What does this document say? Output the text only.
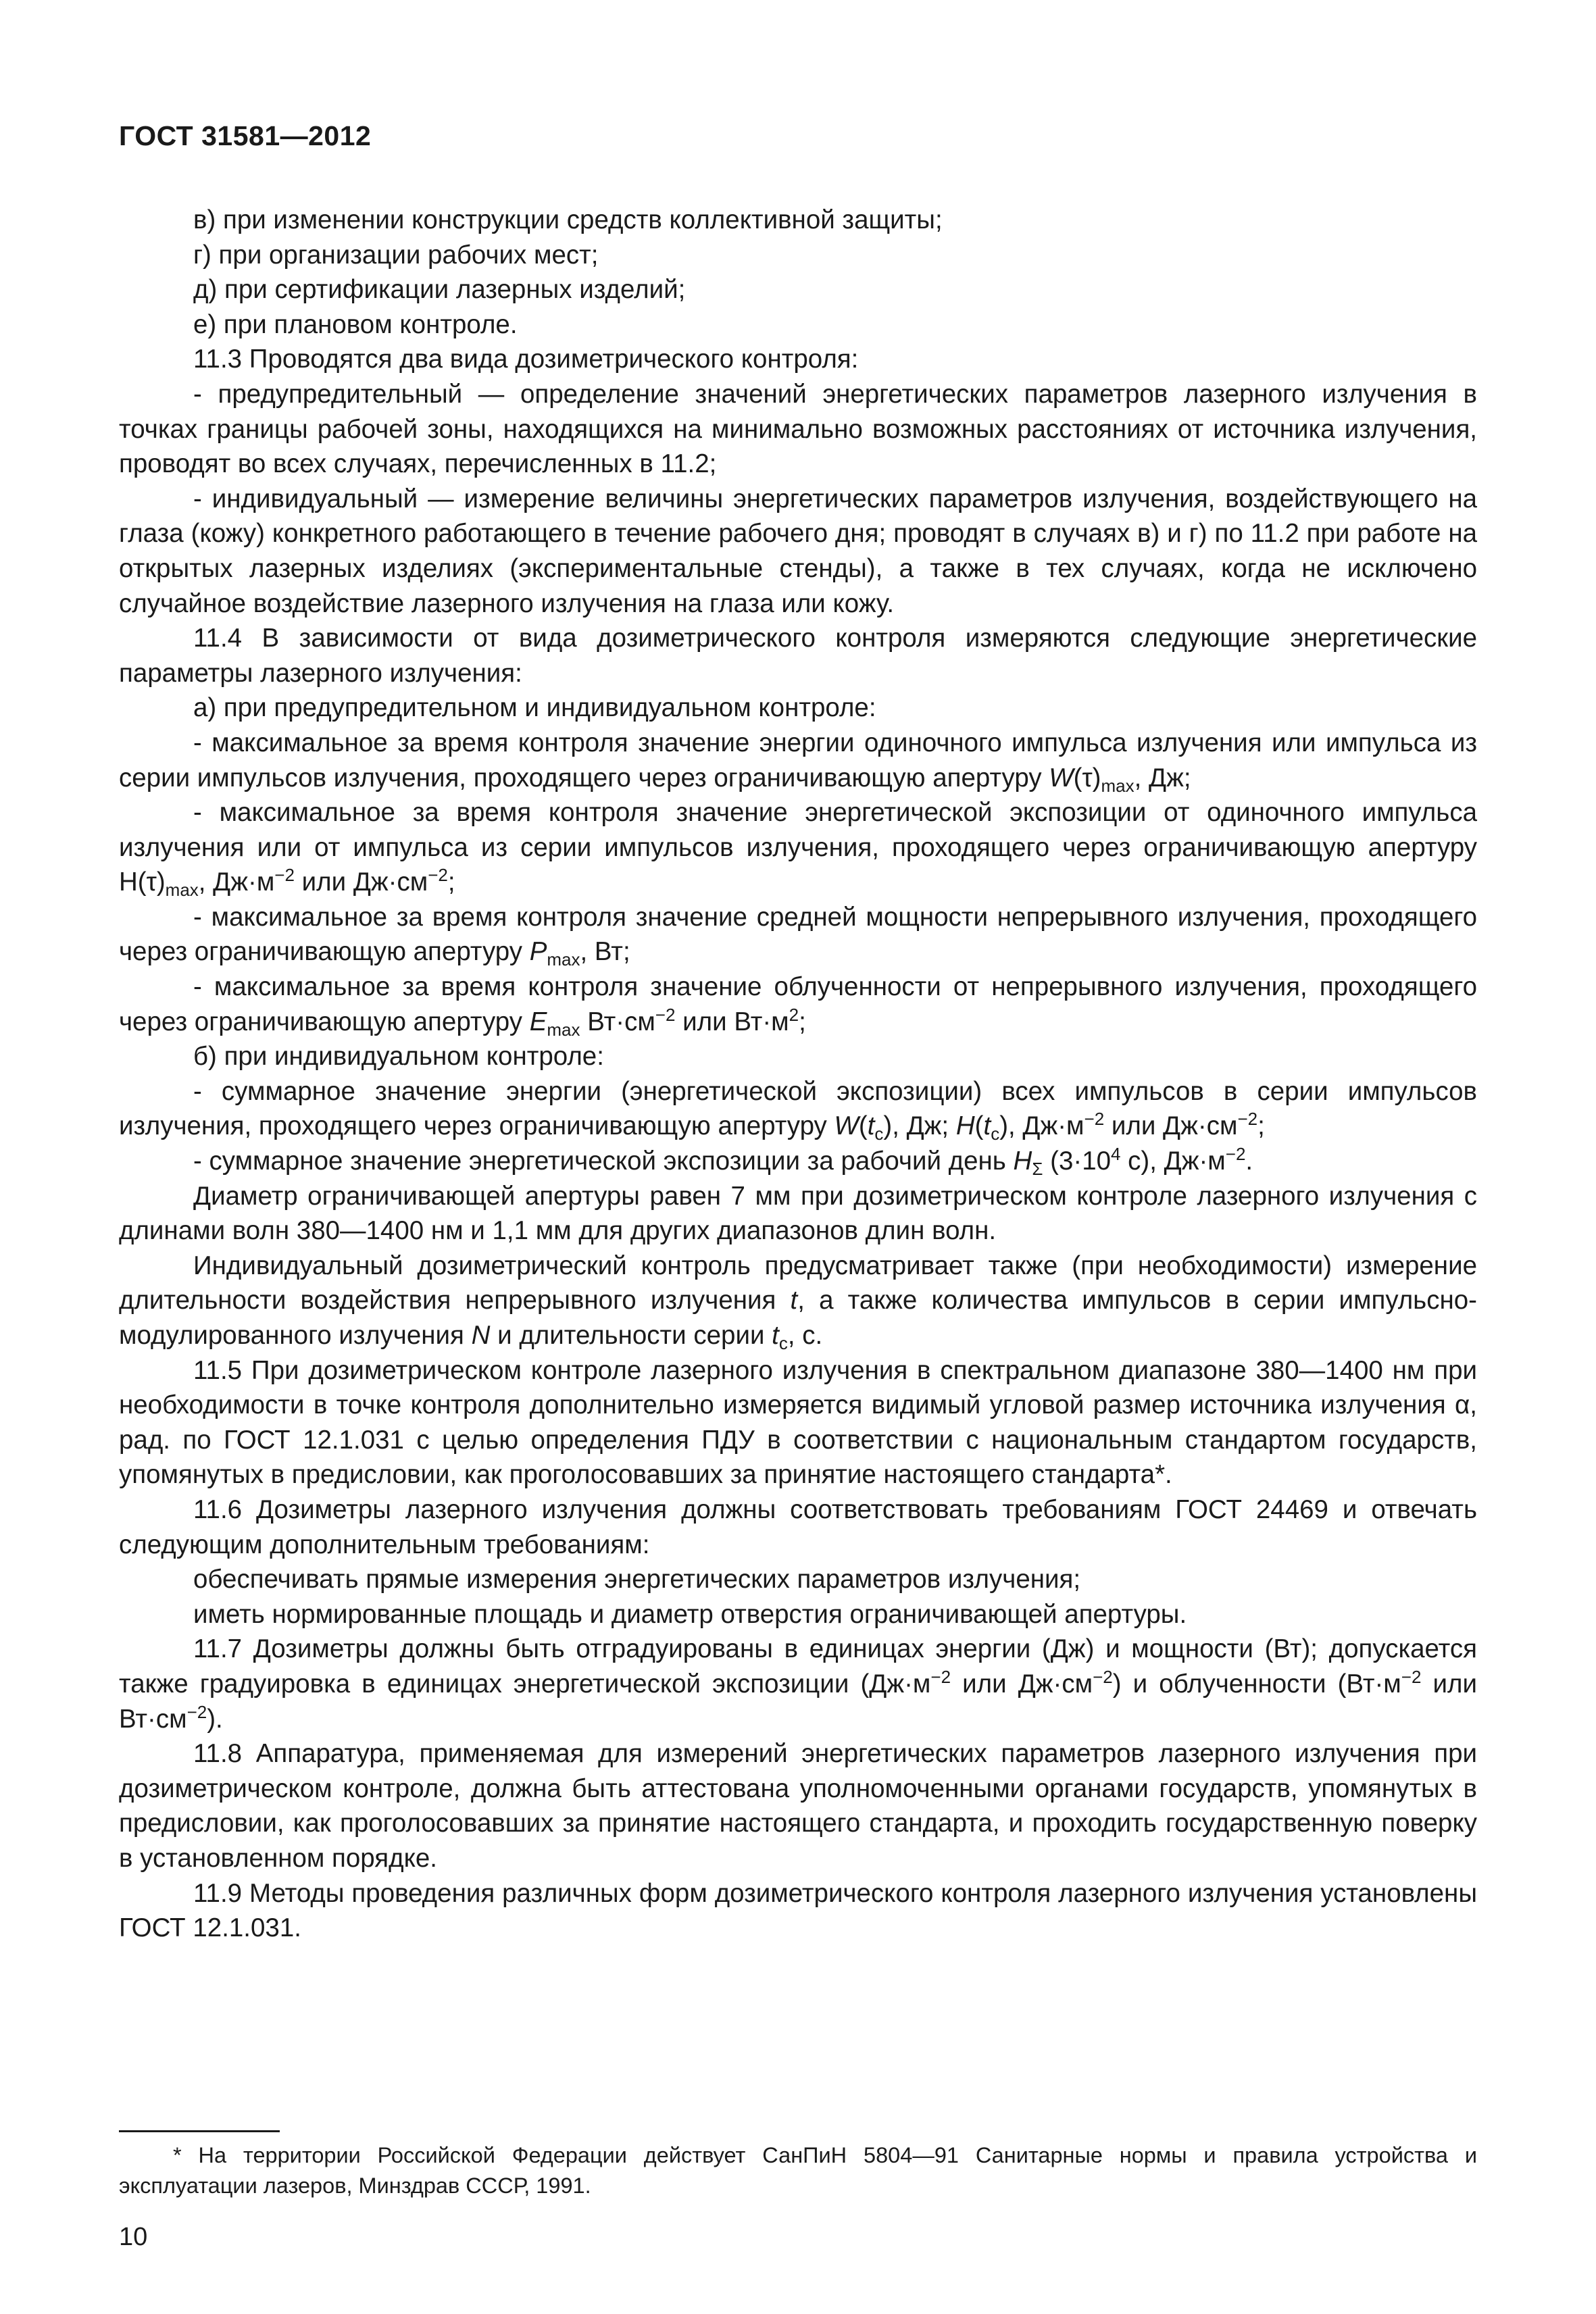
ГОСТ 31581—2012

в) при изменении конструкции средств коллективной защиты;

г) при организации рабочих мест;

д) при сертификации лазерных изделий;

е) при плановом контроле.

11.3 Проводятся два вида дозиметрического контроля:

- предупредительный — определение значений энергетических параметров лазерного излучения в точках границы рабочей зоны, находящихся на минимально возможных расстояниях от источника излучения, проводят во всех случаях, перечисленных в 11.2;

- индивидуальный — измерение величины энергетических параметров излучения, воздействующего на глаза (кожу) конкретного работающего в течение рабочего дня; проводят в случаях в) и г) по 11.2 при работе на открытых лазерных изделиях (экспериментальные стенды), а также в тех случаях, когда не исключено случайное воздействие лазерного излучения на глаза или кожу.

11.4 В зависимости от вида дозиметрического контроля измеряются следующие энергетические параметры лазерного излучения:

а) при предупредительном и индивидуальном контроле:

- максимальное за время контроля значение энергии одиночного импульса излучения или импульса из серии импульсов излучения, проходящего через ограничивающую апертуру $W(\tau)_{max}$, Дж;

- максимальное за время контроля значение энергетической экспозиции от одиночного импульса излучения или от импульса из серии импульсов излучения, проходящего через ограничивающую апертуру $Н(\tau)_{max}$, $Дж\cdot м^{-2}$ или $Дж\cdot см^{-2}$;

- максимальное за время контроля значение средней мощности непрерывного излучения, проходящего через ограничивающую апертуру $P_{max}$, Вт;

- максимальное за время контроля значение облученности от непрерывного излучения, проходящего через ограничивающую апертуру $E_{max}$ $Вт\cdot см^{-2}$ или $Вт\cdot м^2$;

б) при индивидуальном контроле:

- суммарное значение энергии (энергетической экспозиции) всех импульсов в серии импульсов излучения, проходящего через ограничивающую апертуру $W(t_c)$, Дж; $H(t_c)$, $Дж\cdot м^{-2}$ или $Дж\cdot см^{-2}$;

- суммарное значение энергетической экспозиции за рабочий день $H_\Sigma$ ($3\cdot 10^4$ с), $Дж\cdot м^{-2}$.

Диаметр ограничивающей апертуры равен 7 мм при дозиметрическом контроле лазерного излучения с длинами волн 380—1400 нм и 1,1 мм для других диапазонов длин волн.

Индивидуальный дозиметрический контроль предусматривает также (при необходимости) измерение длительности воздействия непрерывного излучения t, а также количества импульсов в серии импульсно-модулированного излучения N и длительности серии $t_c$, с.

11.5 При дозиметрическом контроле лазерного излучения в спектральном диапазоне 380—1400 нм при необходимости в точке контроля дополнительно измеряется видимый угловой размер источника излучения α, рад. по ГОСТ 12.1.031 с целью определения ПДУ в соответствии с национальным стандартом государств, упомянутых в предисловии, как проголосовавших за принятие настоящего стандарта*.

11.6 Дозиметры лазерного излучения должны соответствовать требованиям ГОСТ 24469 и отвечать следующим дополнительным требованиям:

обеспечивать прямые измерения энергетических параметров излучения;

иметь нормированные площадь и диаметр отверстия ограничивающей апертуры.

11.7 Дозиметры должны быть отградуированы в единицах энергии (Дж) и мощности (Вт); допускается также градуировка в единицах энергетической экспозиции ($Дж\cdot м^{-2}$ или $Дж\cdot см^{-2}$) и облученности ($Вт\cdot м^{-2}$ или $Вт\cdot см^{-2}$).

11.8 Аппаратура, применяемая для измерений энергетических параметров лазерного излучения при дозиметрическом контроле, должна быть аттестована уполномоченными органами государств, упомянутых в предисловии, как проголосовавших за принятие настоящего стандарта, и проходить государственную поверку в установленном порядке.

11.9 Методы проведения различных форм дозиметрического контроля лазерного излучения установлены ГОСТ 12.1.031.

* На территории Российской Федерации действует СанПиН 5804—91 Санитарные нормы и правила устройства и эксплуатации лазеров, Минздрав СССР, 1991.

10
